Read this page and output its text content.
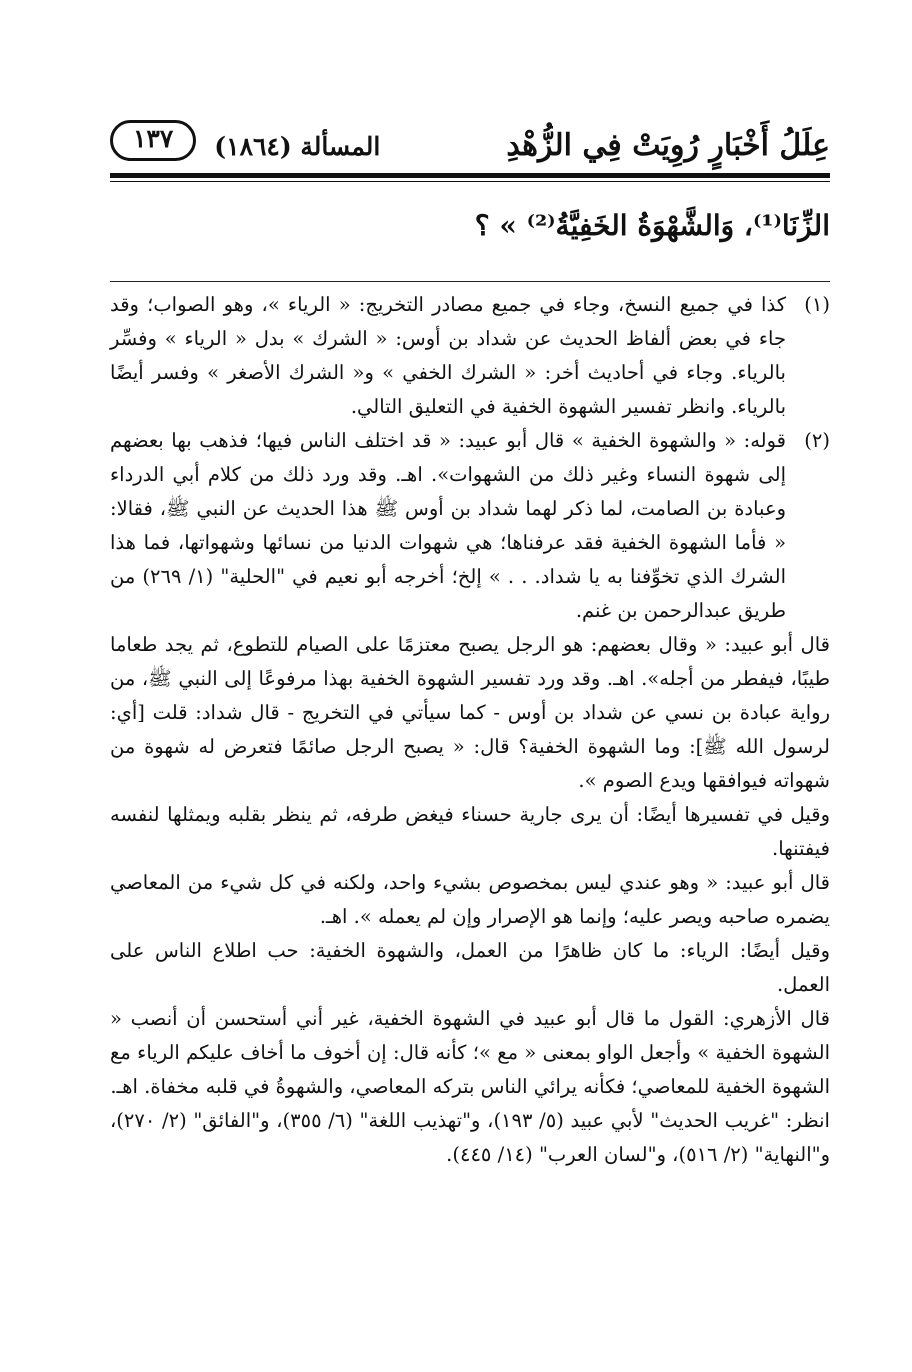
عِلَلُ أَخْبَارٍ رُوِيَتْ فِي الزُّهْدِ
المسألة (١٨٦٤)
١٣٧
الزِّنَا⁽¹⁾، وَالشَّهْوَةُ الخَفِيَّةُ⁽²⁾ » ؟
(١)

كذا في جميع النسخ، وجاء في جميع مصادر التخريج: « الرياء »، وهو الصواب؛ وقد جاء في بعض ألفاظ الحديث عن شداد بن أوس: « الشرك » بدل « الرياء » وفسِّر بالرياء. وجاء في أحاديث أخر: « الشرك الخفي » و« الشرك الأصغر » وفسر أيضًا بالرياء. وانظر تفسير الشهوة الخفية في التعليق التالي.

(٢)

قوله: « والشهوة الخفية » قال أبو عبيد: « قد اختلف الناس فيها؛ فذهب بها بعضهم إلى شهوة النساء وغير ذلك من الشهوات». اهـ. وقد ورد ذلك من كلام أبي الدرداء وعبادة بن الصامت، لما ذكر لهما شداد بن أوس ﷺ هذا الحديث عن النبي ﷺ، فقالا: « فأما الشهوة الخفية فقد عرفناها؛ هي شهوات الدنيا من نسائها وشهواتها، فما هذا الشرك الذي تخوِّفنا به يا شداد. . . » إلخ؛ أخرجه أبو نعيم في "الحلية" (١/ ٢٦٩) من طريق عبدالرحمن بن غنم.

قال أبو عبيد: « وقال بعضهم: هو الرجل يصبح معتزمًا على الصيام للتطوع، ثم يجد طعاما طيبًا، فيفطر من أجله». اهـ. وقد ورد تفسير الشهوة الخفية بهذا مرفوعًا إلى النبي ﷺ، من رواية عبادة بن نسي عن شداد بن أوس - كما سيأتي في التخريج - قال شداد: قلت [أي: لرسول الله ﷺ]: وما الشهوة الخفية؟ قال: « يصبح الرجل صائمًا فتعرض له شهوة من شهواته فيوافقها ويدع الصوم ».

وقيل في تفسيرها أيضًا: أن يرى جارية حسناء فيغض طرفه، ثم ينظر بقلبه ويمثلها لنفسه فيفتنها.

قال أبو عبيد: « وهو عندي ليس بمخصوص بشيء واحد، ولكنه في كل شيء من المعاصي يضمره صاحبه ويصر عليه؛ وإنما هو الإصرار وإن لم يعمله ». اهـ.

وقيل أيضًا: الرياء: ما كان ظاهرًا من العمل، والشهوة الخفية: حب اطلاع الناس على العمل.

قال الأزهري: القول ما قال أبو عبيد في الشهوة الخفية، غير أني أستحسن أن أنصب « الشهوة الخفية » وأجعل الواو بمعنى « مع »؛ كأنه قال: إن أخوف ما أخاف عليكم الرياء مع الشهوة الخفية للمعاصي؛ فكأنه يرائي الناس بتركه المعاصي، والشهوةُ في قلبه مخفاة. اهـ.

انظر: "غريب الحديث" لأبي عبيد (٥/ ١٩٣)، و"تهذيب اللغة" (٦/ ٣٥٥)، و"الفائق" (٢/ ٢٧٠)، و"النهاية" (٢/ ٥١٦)، و"لسان العرب" (١٤/ ٤٤٥).
